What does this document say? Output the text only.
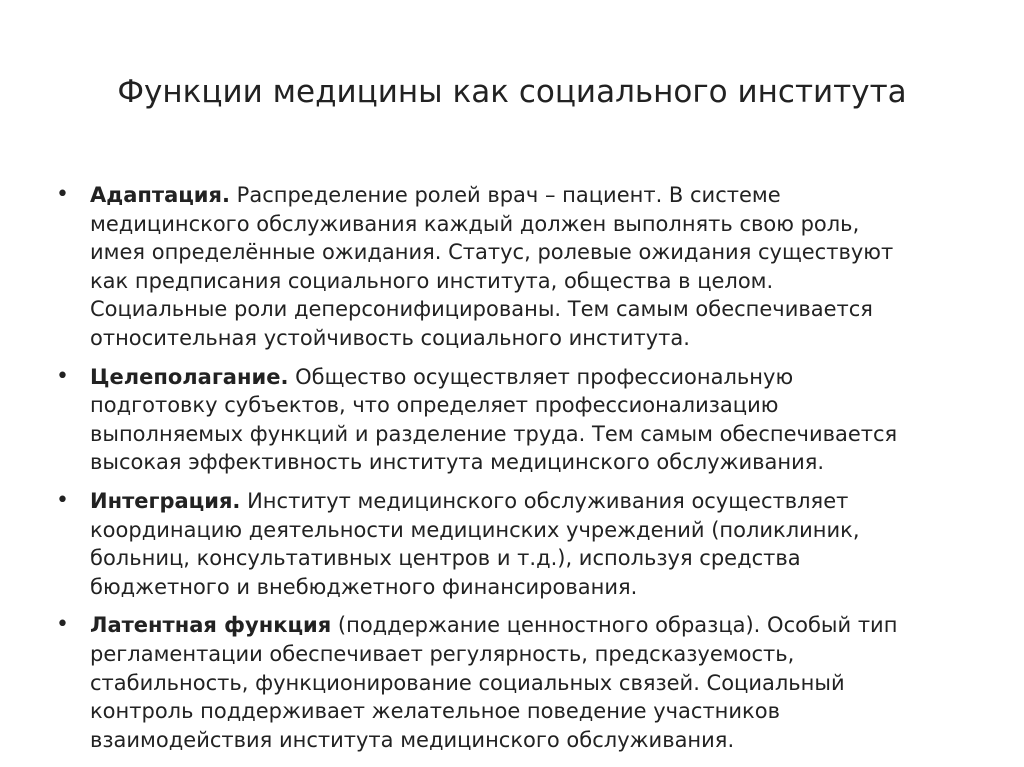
Функции медицины как социального института
•	Адаптация. Распределение ролей врач – пациент. В системе
медицинского обслуживания каждый должен выполнять свою роль,
имея определённые ожидания. Статус, ролевые ожидания существуют
как предписания социального института, общества в целом.
Социальные роли деперсонифицированы. Тем самым обеспечивается
относительная устойчивость социального института.
•	Целеполагание. Общество осуществляет профессиональную
подготовку субъектов, что определяет профессионализацию
выполняемых функций и разделение труда. Тем самым обеспечивается
высокая эффективность института медицинского обслуживания.
•	Интеграция. Институт медицинского обслуживания осуществляет
координацию деятельности медицинских учреждений (поликлиник,
больниц, консультативных центров и т.д.), используя средства
бюджетного и внебюджетного финансирования.
•	Латентная функция (поддержание ценностного образца). Особый тип
регламентации обеспечивает регулярность, предсказуемость,
стабильность, функционирование социальных связей. Социальный
контроль поддерживает желательное поведение участников
взаимодействия института медицинского обслуживания.
